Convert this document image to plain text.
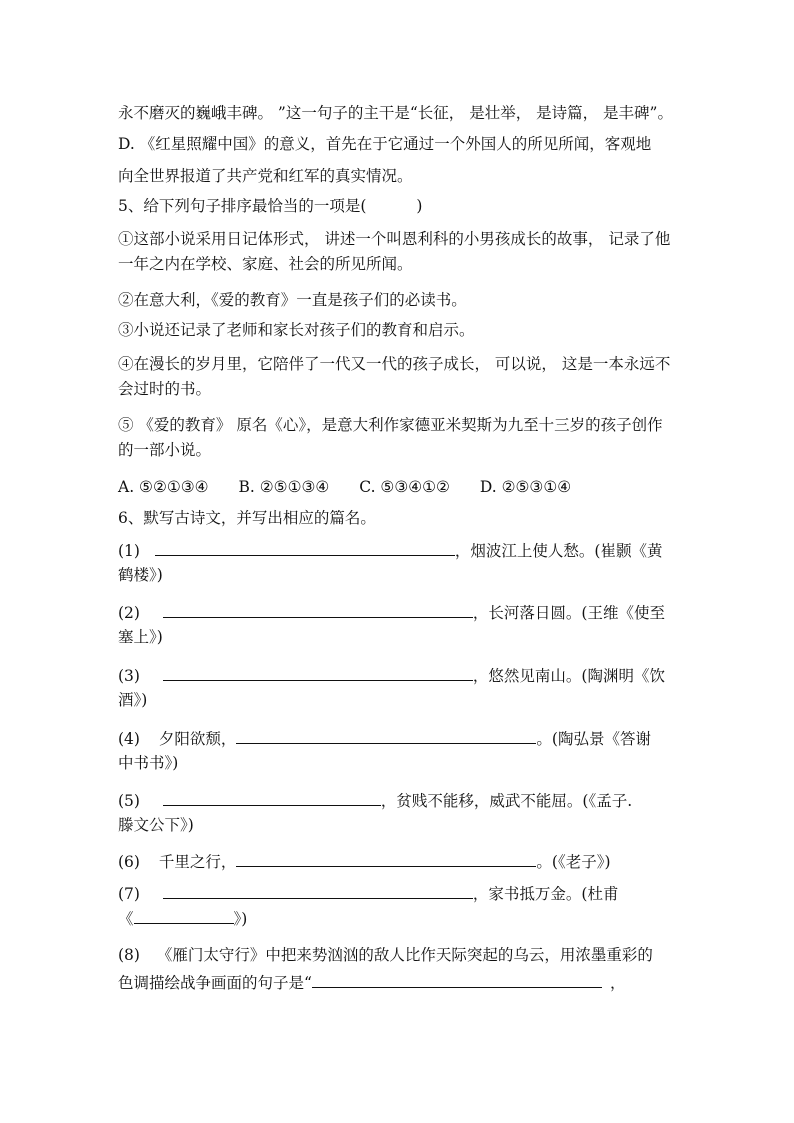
永不磨灭的巍峨丰碑。 ”这一句子的主干是“长征， 是壮举， 是诗篇， 是丰碑”。
D. 《红星照耀中国》的意义，首先在于它通过一个外国人的所见所闻，客观地
向全世界报道了共产党和红军的真实情况。
5、给下列句子排序最恰当的一项是(	)
①这部小说采用日记体形式， 讲述一个叫恩利科的小男孩成长的故事， 记录了他
一年之内在学校、家庭、社会的所见所闻。
②在意大利，《爱的教育》一直是孩子们的必读书。
③小说还记录了老师和家长对孩子们的教育和启示。
④在漫长的岁月里，它陪伴了一代又一代的孩子成长， 可以说， 这是一本永远不
会过时的书。
⑤ 《爱的教育》 原名《心》，是意大利作家德亚米契斯为九至十三岁的孩子创作
的一部小说。
A. ⑤②①③④ B. ②⑤①③④ C. ⑤③④①② D. ②⑤③①④
6、默写古诗文，并写出相应的篇名。
(1)	，烟波江上使人愁。(崔颢《黄
鹤楼》)
(2)	，长河落日圆。(王维《使至
塞上》)
(3)	，悠然见南山。(陶渊明《饮
酒》)
(4) 夕阳欲颓，	。(陶弘景《答谢
中书书》)
(5)	，贫贱不能移，威武不能屈。(《孟子.
滕文公下》)
(6) 千里之行，	。(《老子》)
(7)	，家书抵万金。(杜甫
《	》)
(8) 《雁门太守行》中把来势汹汹的敌人比作天际突起的乌云，用浓墨重彩的
色调描绘战争画面的句子是“	，
